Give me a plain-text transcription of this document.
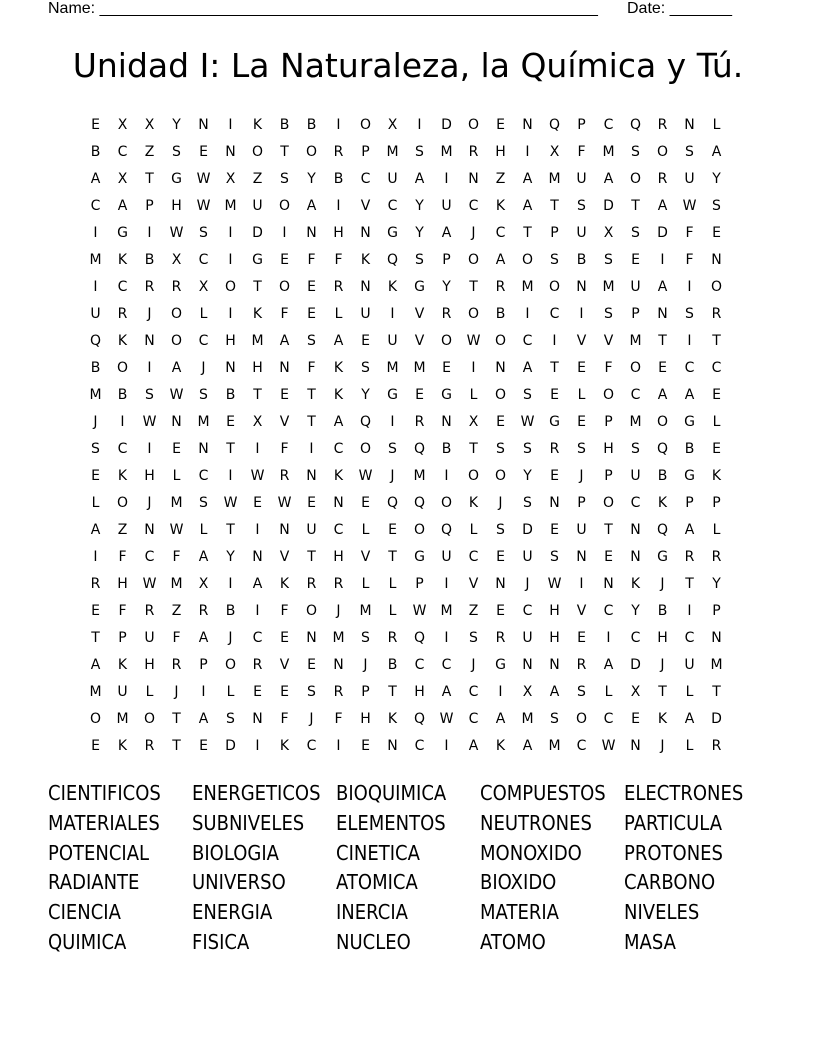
Name: ________________________________________________________ Date: _______
Unidad I: La Naturaleza, la Química y Tú.
E	X	X	Y	N	I	K	B	B	I	O	X	I	D	O	E	N	Q	P	C	Q	R	N	L
B	C	Z	S	E	N	O	T	O	R	P	M	S	M	R	H	I	X	F	M	S	O	S	A
A	X	T	G	W	X	Z	S	Y	B	C	U	A	I	N	Z	A	M	U	A	O	R	U	Y
C	A	P	H	W	M	U	O	A	I	V	C	Y	U	C	K	A	T	S	D	T	A	W	S
I	G	I	W	S	I	D	I	N	H	N	G	Y	A	J	C	T	P	U	X	S	D	F	E
M	K	B	X	C	I	G	E	F	F	K	Q	S	P	O	A	O	S	B	S	E	I	F	N
I	C	R	R	X	O	T	O	E	R	N	K	G	Y	T	R	M	O	N	M	U	A	I	O
U	R	J	O	L	I	K	F	E	L	U	I	V	R	O	B	I	C	I	S	P	N	S	R
Q	K	N	O	C	H	M	A	S	A	E	U	V	O	W	O	C	I	V	V	M	T	I	T
B	O	I	A	J	N	H	N	F	K	S	M	M	E	I	N	A	T	E	F	O	E	C	C
M	B	S	W	S	B	T	E	T	K	Y	G	E	G	L	O	S	E	L	O	C	A	A	E
J	I	W	N	M	E	X	V	T	A	Q	I	R	N	X	E	W	G	E	P	M	O	G	L
S	C	I	E	N	T	I	F	I	C	O	S	Q	B	T	S	S	R	S	H	S	Q	B	E
E	K	H	L	C	I	W	R	N	K	W	J	M	I	O	O	Y	E	J	P	U	B	G	K
L	O	J	M	S	W	E	W	E	N	E	Q	Q	O	K	J	S	N	P	O	C	K	P	P
A	Z	N	W	L	T	I	N	U	C	L	E	O	Q	L	S	D	E	U	T	N	Q	A	L
I	F	C	F	A	Y	N	V	T	H	V	T	G	U	C	E	U	S	N	E	N	G	R	R
R	H	W	M	X	I	A	K	R	R	L	L	P	I	V	N	J	W	I	N	K	J	T	Y
E	F	R	Z	R	B	I	F	O	J	M	L	W	M	Z	E	C	H	V	C	Y	B	I	P
T	P	U	F	A	J	C	E	N	M	S	R	Q	I	S	R	U	H	E	I	C	H	C	N
A	K	H	R	P	O	R	V	E	N	J	B	C	C	J	G	N	N	R	A	D	J	U	M
M	U	L	J	I	L	E	E	S	R	P	T	H	A	C	I	X	A	S	L	X	T	L	T
O	M	O	T	A	S	N	F	J	F	H	K	Q	W	C	A	M	S	O	C	E	K	A	D
E	K	R	T	E	D	I	K	C	I	E	N	C	I	A	K	A	M	C	W	N	J	L	R
CIENTIFICOS	ENERGETICOS BIOQUIMICA	COMPUESTOS ELECTRONES
MATERIALES	SUBNIVELES	ELEMENTOS	NEUTRONES	PARTICULA
POTENCIAL	BIOLOGIA	CINETICA	MONOXIDO	PROTONES
RADIANTE	UNIVERSO	ATOMICA	BIOXIDO	CARBONO
CIENCIA	ENERGIA	INERCIA	MATERIA	NIVELES
QUIMICA	FISICA	NUCLEO	ATOMO	MASA
